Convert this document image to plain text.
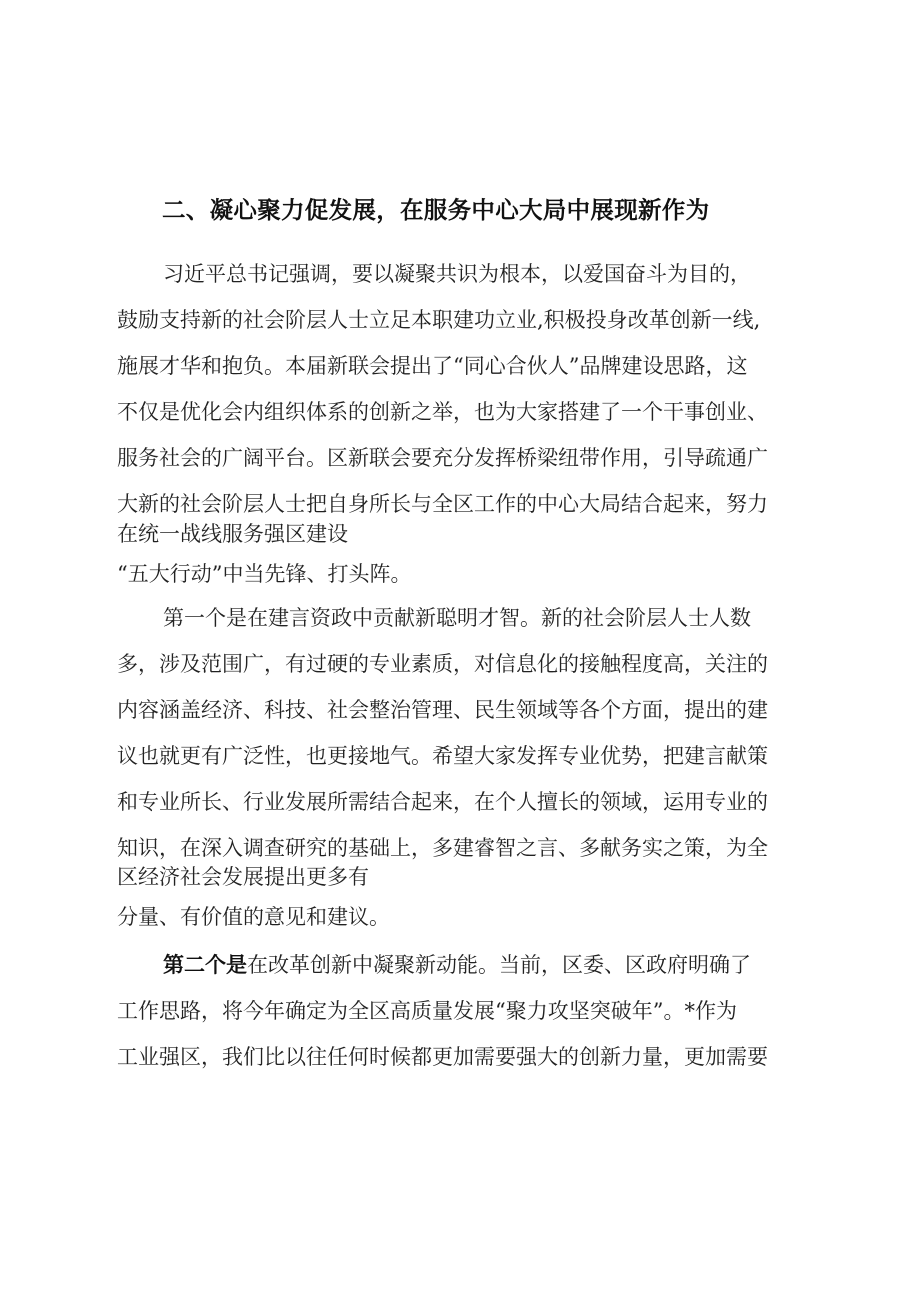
二、凝心聚力促发展，在服务中心大局中展现新作为
习近平总书记强调，要以凝聚共识为根本，以爱国奋斗为目的，
鼓励支持新的社会阶层人士立足本职建功立业,积极投身改革创新一线,
施展才华和抱负。本届新联会提出了“同心合伙人”品牌建设思路，这
不仅是优化会内组织体系的创新之举，也为大家搭建了一个干事创业、
服务社会的广阔平台。区新联会要充分发挥桥梁纽带作用，引导疏通广
大新的社会阶层人士把自身所长与全区工作的中心大局结合起来，努力
在统一战线服务强区建设
“五大行动”中当先锋、打头阵。
第一个是在建言资政中贡献新聪明才智。新的社会阶层人士人数
多，涉及范围广，有过硬的专业素质，对信息化的接触程度高，关注的
内容涵盖经济、科技、社会整治管理、民生领域等各个方面，提出的建
议也就更有广泛性，也更接地气。希望大家发挥专业优势，把建言献策
和专业所长、行业发展所需结合起来，在个人擅长的领域，运用专业的
知识，在深入调查研究的基础上，多建睿智之言、多献务实之策，为全
区经济社会发展提出更多有
分量、有价值的意见和建议。
第二个是在改革创新中凝聚新动能。当前，区委、区政府明确了
工作思路，将今年确定为全区高质量发展“聚力攻坚突破年”。*作为
工业强区，我们比以往任何时候都更加需要强大的创新力量，更加需要
